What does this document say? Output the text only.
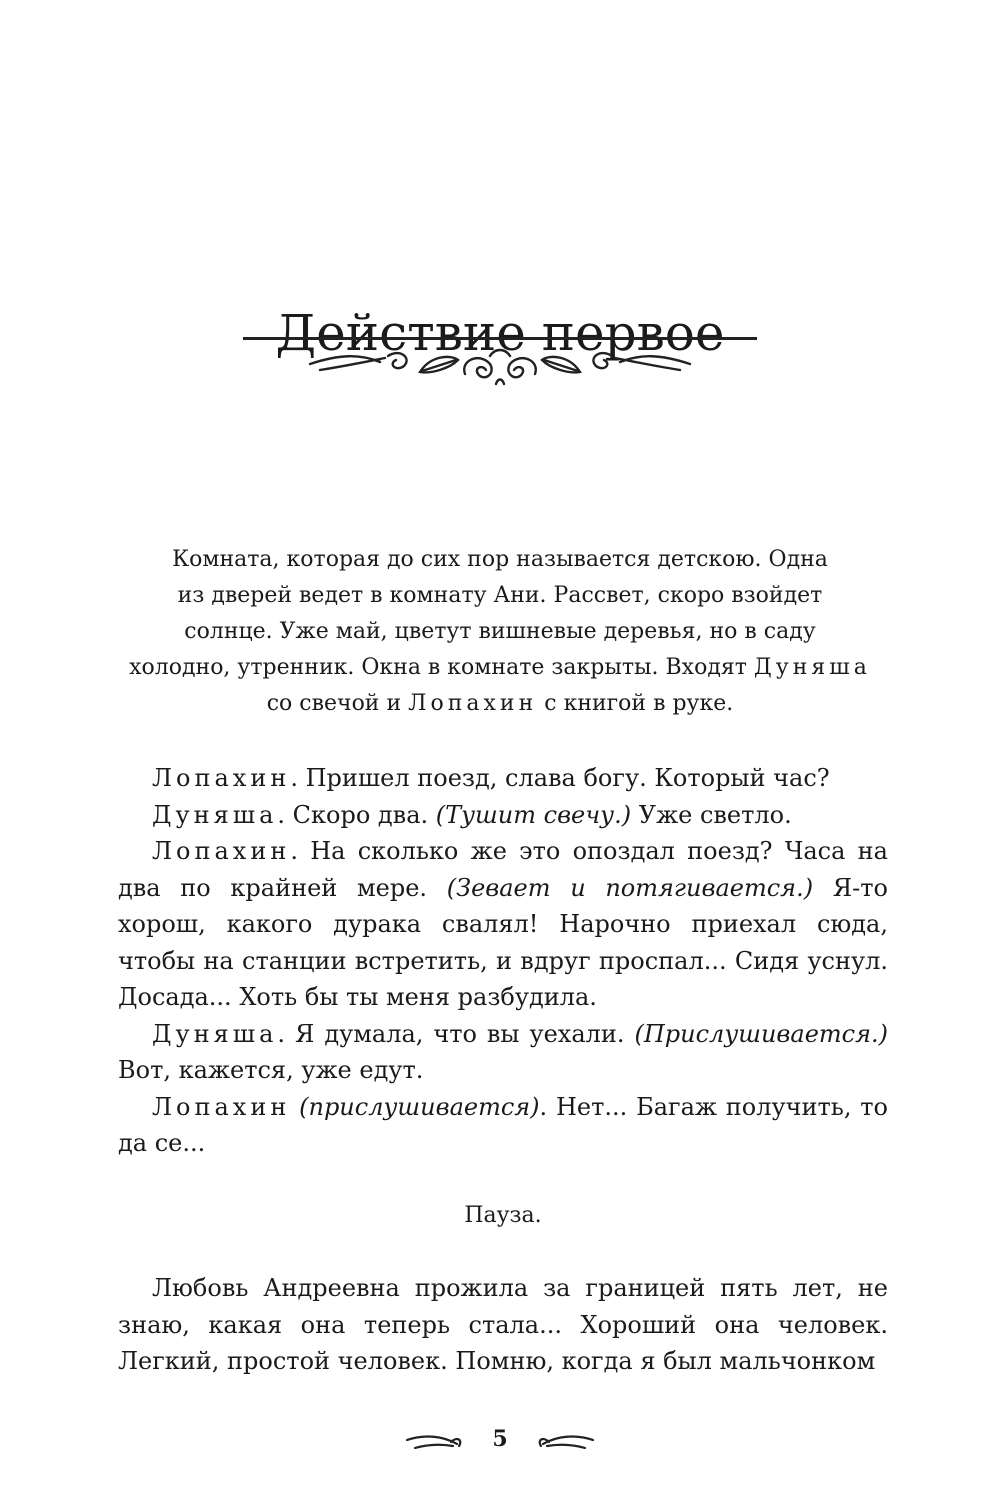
Действие первое
Комната, которая до сих пор называется детскою. Одна
из дверей ведет в комнату Ани. Рассвет, скоро взойдет
солнце. Уже май, цветут вишневые деревья, но в саду
холодно, утренник. Окна в комнате закрыты. Входят Дуняша
со свечой и Лопахин с книгой в руке.

Лопахин. Пришел поезд, слава богу. Который час?

Дуняша. Скоро два. (Тушит свечу.) Уже светло.

Лопахин. На сколько же это опоздал поезд? Часа на два по крайней мере. (Зевает и потягивается.) Я-то хорош, какого дурака свалял! Нарочно приехал сюда, чтобы на станции встретить, и вдруг проспал... Сидя уснул. Досада... Хоть бы ты меня разбудила.

Дуняша. Я думала, что вы уехали. (Прислушивается.) Вот, кажется, уже едут.

Лопахин (прислушивается). Нет... Багаж получить, то да се...

Пауза.

Любовь Андреевна прожила за границей пять лет, не знаю, какая она теперь стала... Хороший она человек. Легкий, простой человек. Помню, когда я был мальчонком

5
